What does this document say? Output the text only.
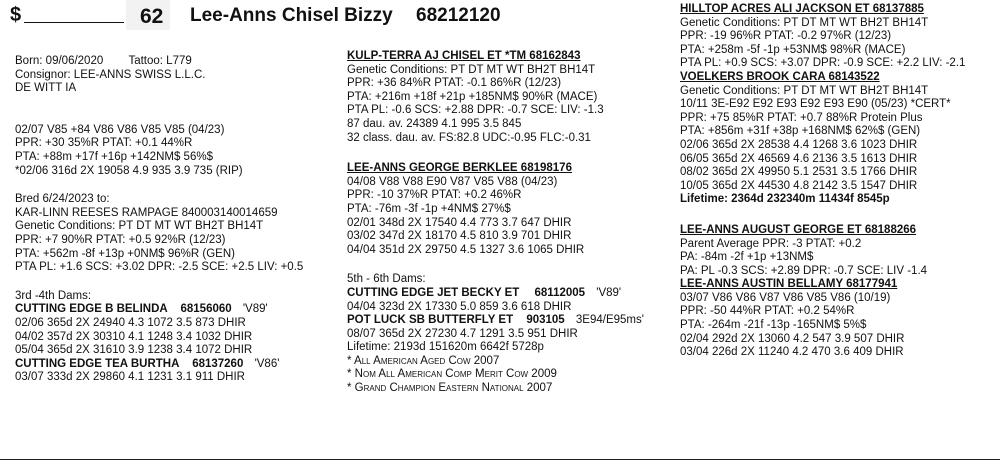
$	62 Lee-Anns Chisel Bizzy 68212120
Born: 09/06/2020 Tattoo: L779
Consignor: LEE-ANNS SWISS L.L.C.
DE WITT IA
02/07 V85 +84 V86 V86 V85 V85 (04/23)
PPR: +30 35%R PTAT: +0.1 44%R
PTA: +88m +17f +16p +142NM$ 56%$
*02/06 316d 2X 19058 4.9 935 3.9 735 (RIP)
Bred 6/24/2023 to:
KAR-LINN REESES RAMPAGE 840003140014659
Genetic Conditions: PT DT MT WT BH2T BH14T
PPR: +7 90%R PTAT: +0.5 92%R (12/23)
PTA: +562m -8f +13p +0NM$ 96%R (GEN)
PTA PL: +1.6 SCS: +3.02 DPR: -2.5 SCE: +2.5 LIV: +0.5
3rd -4th Dams:
CUTTING EDGE B BELINDA 68156060 'V89'
02/06 365d 2X 24940 4.3 1072 3.5 873 DHIR
04/02 357d 2X 30310 4.1 1248 3.4 1032 DHIR
05/04 365d 2X 31610 3.9 1238 3.4 1072 DHIR
CUTTING EDGE TEA BURTHA 68137260 'V86'
03/07 333d 2X 29860 4.1 1231 3.1 911 DHIR
KULP-TERRA AJ CHISEL ET *TM 68162843
Genetic Conditions: PT DT MT WT BH2T BH14T
PPR: +36 84%R PTAT: -0.1 86%R (12/23)
PTA: +216m +18f +21p +185NM$ 90%R (MACE)
PTA PL: -0.6 SCS: +2.88 DPR: -0.7 SCE: LIV: -1.3
87 dau. av. 24389 4.1 995 3.5 845
32 class. dau. av. FS:82.8 UDC:-0.95 FLC:-0.31
LEE-ANNS GEORGE BERKLEE 68198176
04/08 V88 V88 E90 V87 V85 V88 (04/23)
PPR: -10 37%R PTAT: +0.2 46%R
PTA: -76m -3f -1p +4NM$ 27%$
02/01 348d 2X 17540 4.4 773 3.7 647 DHIR
03/02 347d 2X 18170 4.5 810 3.9 701 DHIR
04/04 351d 2X 29750 4.5 1327 3.6 1065 DHIR
5th - 6th Dams:
CUTTING EDGE JET BECKY ET 68112005 'V89'
04/04 323d 2X 17330 5.0 859 3.6 618 DHIR
POT LUCK SB BUTTERFLY ET 903105 3E94/E95ms'
08/07 365d 2X 27230 4.7 1291 3.5 951 DHIR
Lifetime: 2193d 151620m 6642f 5728p
* All American Aged Cow 2007
* Nom All American Comp Merit Cow 2009
* Grand Champion Eastern National 2007
HILLTOP ACRES ALI JACKSON ET 68137885
Genetic Conditions: PT DT MT WT BH2T BH14T
PPR: -19 96%R PTAT: -0.2 97%R (12/23)
PTA: +258m -5f -1p +53NM$ 98%R (MACE)
PTA PL: +0.9 SCS: +3.07 DPR: -0.9 SCE: +2.2 LIV: -2.1
VOELKERS BROOK CARA 68143522
Genetic Conditions: PT DT MT WT BH2T BH14T
10/11 3E-E92 E92 E93 E92 E93 E90 (05/23) *CERT*
PPR: +75 85%R PTAT: +0.7 88%R Protein Plus
PTA: +856m +31f +38p +168NM$ 62%$ (GEN)
02/06 365d 2X 28538 4.4 1268 3.6 1023 DHIR
06/05 365d 2X 46569 4.6 2136 3.5 1613 DHIR
08/02 365d 2X 49950 5.1 2531 3.5 1766 DHIR
10/05 365d 2X 44530 4.8 2142 3.5 1547 DHIR
Lifetime: 2364d 232340m 11434f 8545p
LEE-ANNS AUGUST GEORGE ET 68188266
Parent Average PPR: -3 PTAT: +0.2
PA: -84m -2f +1p +13NM$
PA: PL -0.3 SCS: +2.89 DPR: -0.7 SCE: LIV -1.4
LEE-ANNS AUSTIN BELLAMY 68177941
03/07 V86 V86 V87 V86 V85 V86 (10/19)
PPR: -50 44%R PTAT: +0.2 54%R
PTA: -264m -21f -13p -165NM$ 5%$
02/04 292d 2X 13060 4.2 547 3.9 507 DHIR
03/04 226d 2X 11240 4.2 470 3.6 409 DHIR
